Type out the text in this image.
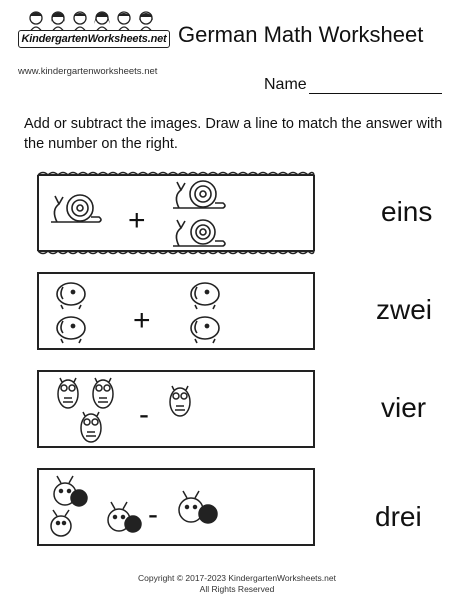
KindergartenWorksheets.net
www.kindergartenworksheets.net
German Math Worksheet
Name
Add or subtract the images. Draw a line to match the answer with the number on the right.
+	eins
+	zwei
-	vier
-	drei
Copyright © 2017-2023 KindergartenWorksheets.net
All Rights Reserved
